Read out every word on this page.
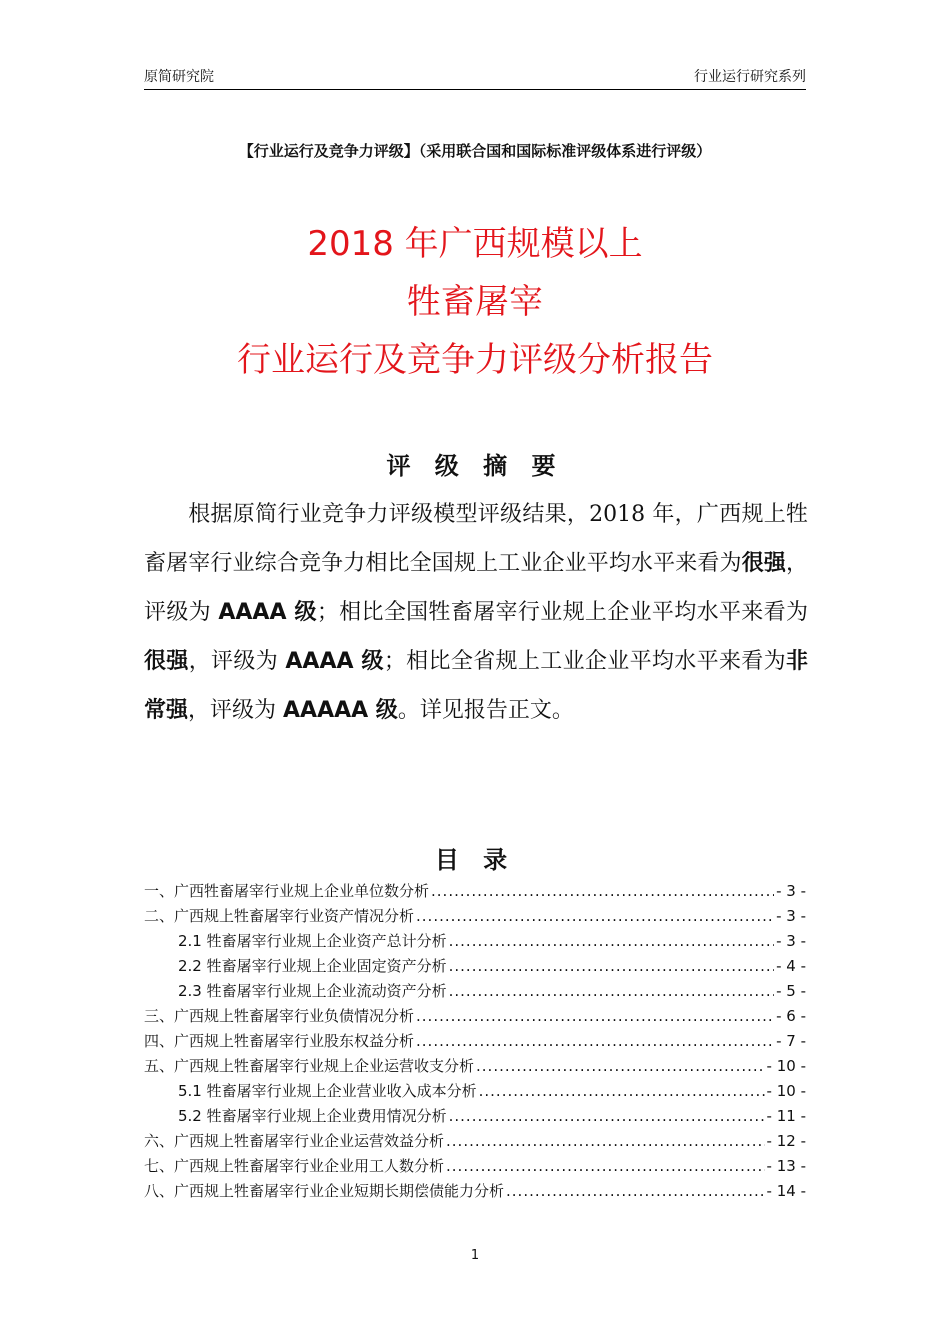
原简研究院	行业运行研究系列
【行业运行及竞争力评级】（采用联合国和国际标准评级体系进行评级）
2018 年广西规模以上
牲畜屠宰
行业运行及竞争力评级分析报告
评 级 摘 要
根据原简行业竞争力评级模型评级结果，2018 年，广西规上牲畜屠宰行业综合竞争力相比全国规上工业企业平均水平来看为很强，评级为 AAAA 级；相比全国牲畜屠宰行业规上企业平均水平来看为很强，评级为 AAAA 级；相比全省规上工业企业平均水平来看为非常强，评级为 AAAAA 级。详见报告正文。
目 录
一、广西牲畜屠宰行业规上企业单位数分析 .....	- 3 -
二、广西规上牲畜屠宰行业资产情况分析 .....	- 3 -
2.1 牲畜屠宰行业规上企业资产总计分析 .....	- 3 -
2.2 牲畜屠宰行业规上企业固定资产分析 .....	- 4 -
2.3 牲畜屠宰行业规上企业流动资产分析 .....	- 5 -
三、广西规上牲畜屠宰行业负债情况分析 .....	- 6 -
四、广西规上牲畜屠宰行业股东权益分析 .....	- 7 -
五、广西规上牲畜屠宰行业规上企业运营收支分析 .....	- 10 -
5.1 牲畜屠宰行业规上企业营业收入成本分析 .....	- 10 -
5.2 牲畜屠宰行业规上企业费用情况分析 .....	- 11 -
六、广西规上牲畜屠宰行业企业运营效益分析 .....	- 12 -
七、广西规上牲畜屠宰行业企业用工人数分析 .....	- 13 -
八、广西规上牲畜屠宰行业企业短期长期偿债能力分析 .....	- 14 -
1
